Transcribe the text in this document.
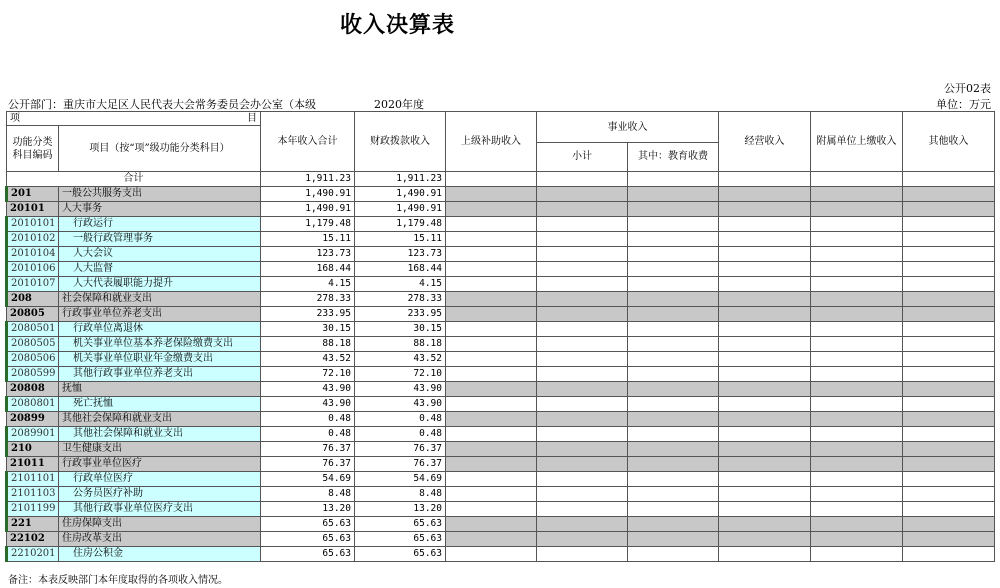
收入决算表
公开02表
公开部门：重庆市大足区人民代表大会常务委员会办公室（本级	2020年度	单位：万元
项 目		本年收入合计	财政拨款收入	上级补助收入	事业收入		经营收入	附属单位上缴收入	其他收入
功能分类科目编码	项目（按“项”级功能分类科目）								
					小计	其中：教育收费			
合计		1,911.23	1,911.23						
201	一般公共服务支出	1,490.91	1,490.91						
20101	人大事务	1,490.91	1,490.91						
2010101	行政运行	1,179.48	1,179.48						
2010102	一般行政管理事务	15.11	15.11						
2010104	人大会议	123.73	123.73						
2010106	人大监督	168.44	168.44						
2010107	人大代表履职能力提升	4.15	4.15						
208	社会保障和就业支出	278.33	278.33						
20805	行政事业单位养老支出	233.95	233.95						
2080501	行政单位离退休	30.15	30.15						
2080505	机关事业单位基本养老保险缴费支出	88.18	88.18						
2080506	机关事业单位职业年金缴费支出	43.52	43.52						
2080599	其他行政事业单位养老支出	72.10	72.10						
20808	抚恤	43.90	43.90						
2080801	死亡抚恤	43.90	43.90						
20899	其他社会保障和就业支出	0.48	0.48						
2089901	其他社会保障和就业支出	0.48	0.48						
210	卫生健康支出	76.37	76.37						
21011	行政事业单位医疗	76.37	76.37						
2101101	行政单位医疗	54.69	54.69						
2101103	公务员医疗补助	8.48	8.48						
2101199	其他行政事业单位医疗支出	13.20	13.20						
221	住房保障支出	65.63	65.63						
22102	住房改革支出	65.63	65.63						
2210201	住房公积金	65.63	65.63						
备注：本表反映部门本年度取得的各项收入情况。
